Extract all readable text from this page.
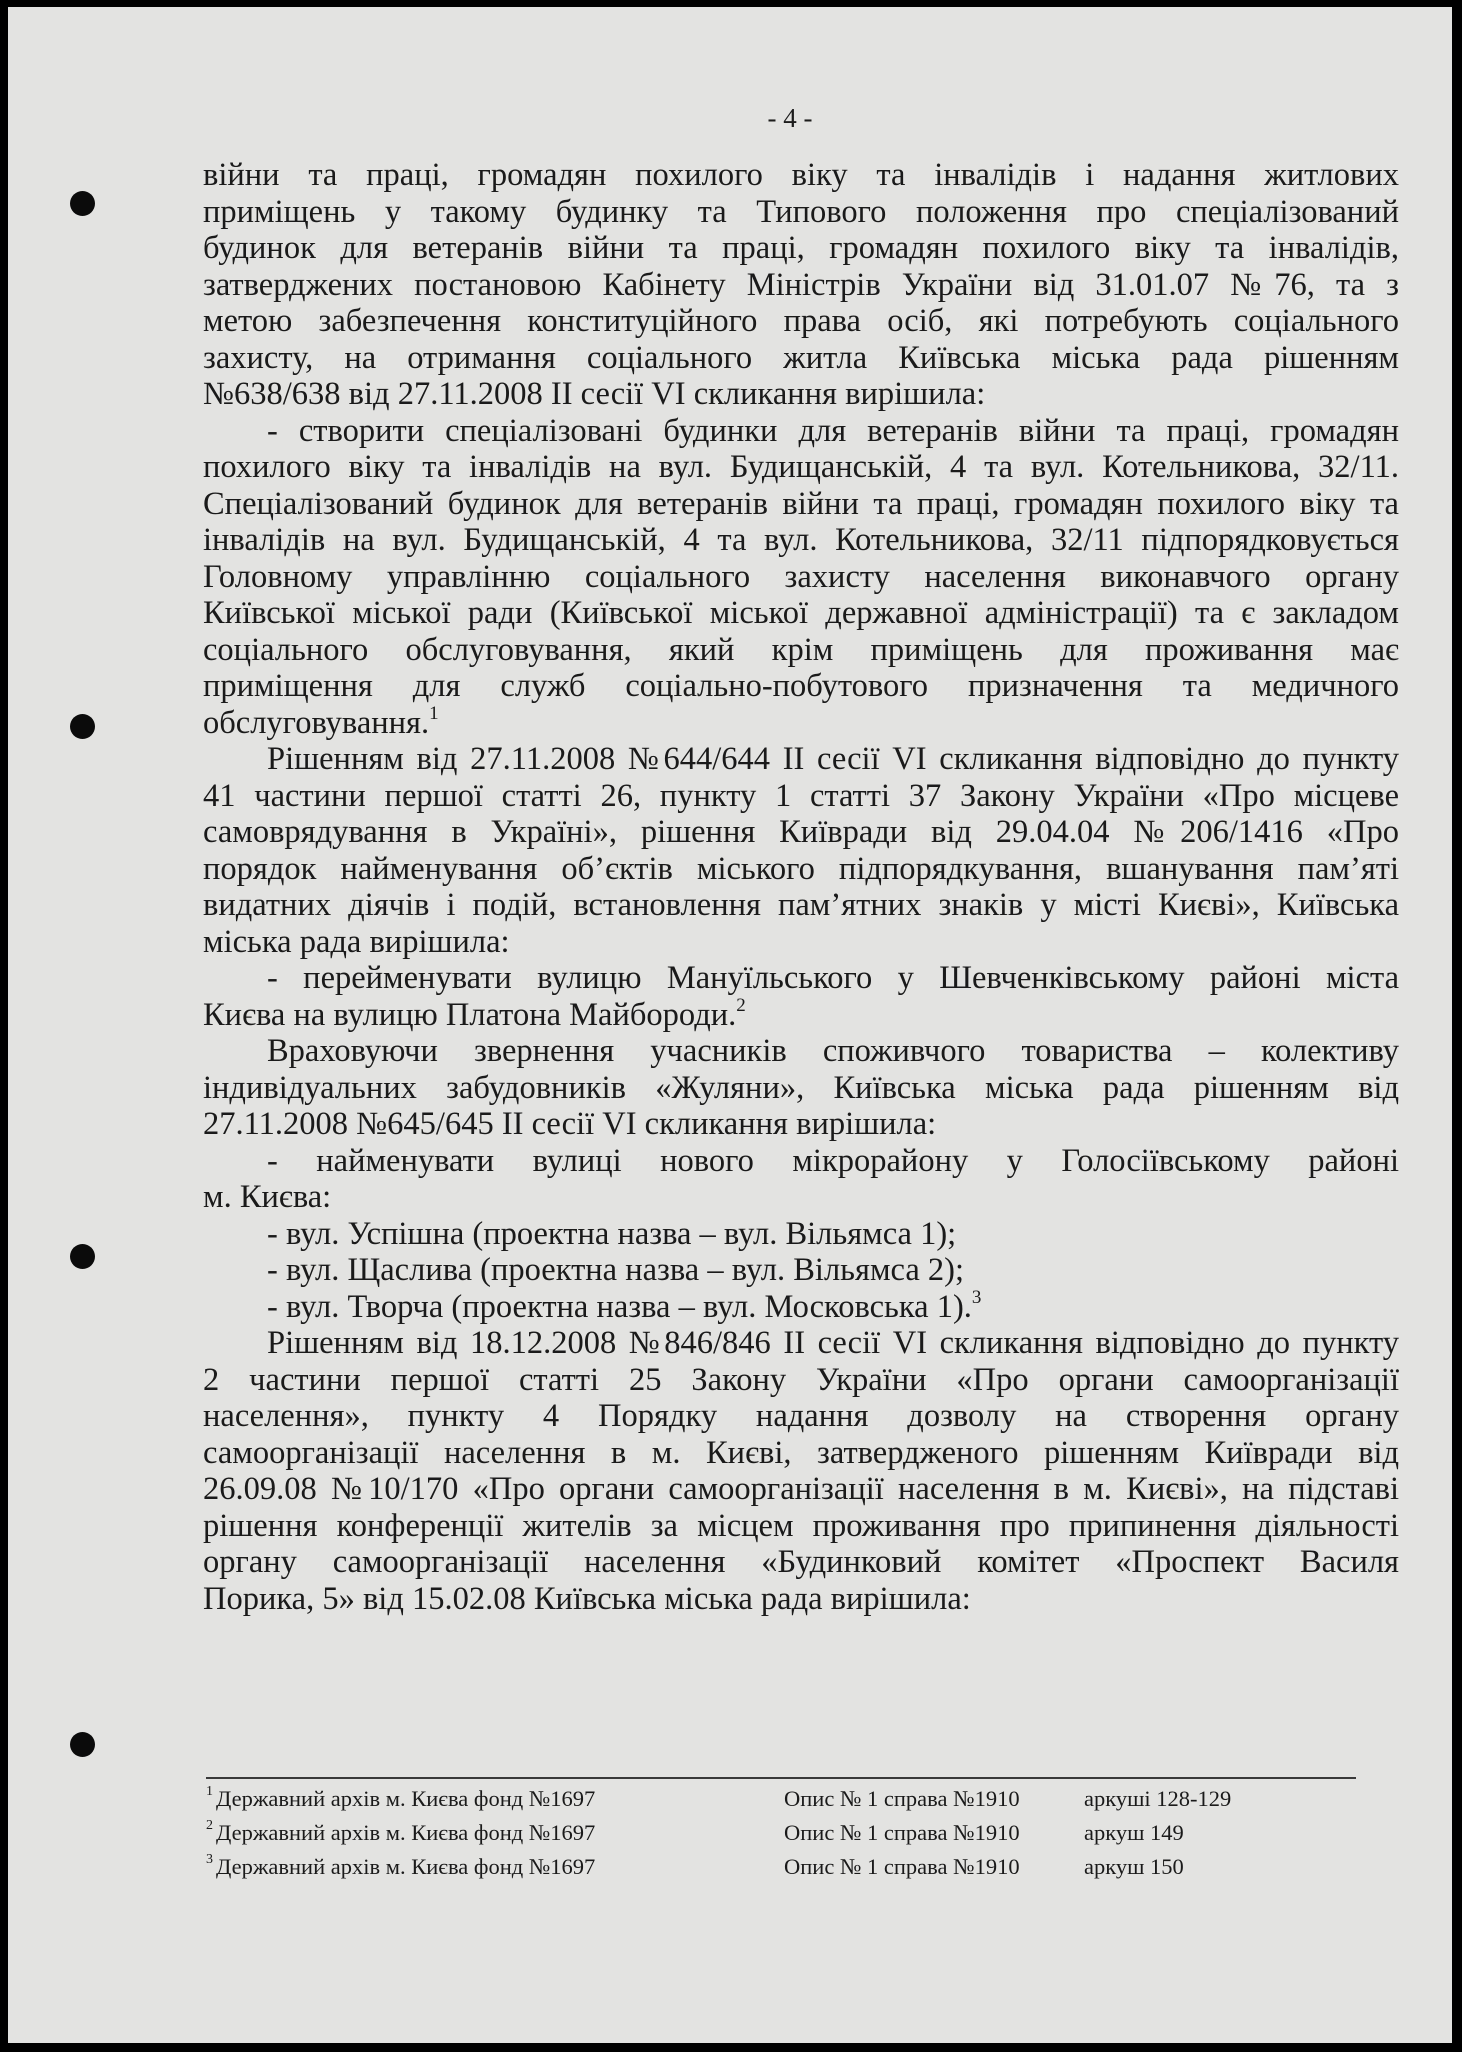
- 4 -

війни та праці, громадян похилого віку та інвалідів і надання житлових
приміщень у такому будинку та Типового положення про спеціалізований
будинок для ветеранів війни та праці, громадян похилого віку та інвалідів,
затверджених постановою Кабінету Міністрів України від 31.01.07 №76, та з
метою забезпечення конституційного права осіб, які потребують соціального
захисту, на отримання соціального житла Київська міська рада рішенням
№638/638 від 27.11.2008 II сесії VI скликання вирішила:

- створити спеціалізовані будинки для ветеранів війни та праці, громадян
похилого віку та інвалідів на вул. Будищанській, 4 та вул. Котельникова, 32/11.
Спеціалізований будинок для ветеранів війни та праці, громадян похилого віку та
інвалідів на вул. Будищанській, 4 та вул. Котельникова, 32/11 підпорядковується
Головному управлінню соціального захисту населення виконавчого органу
Київської міської ради (Київської міської державної адміністрації) та є закладом
соціального обслуговування, який крім приміщень для проживання має
приміщення для служб соціально-побутового призначення та медичного
обслуговування.$^1$

Рішенням від 27.11.2008 №644/644 II сесії VI скликання відповідно до пункту
41 частини першої статті 26, пункту 1 статті 37 Закону України «Про місцеве
самоврядування в Україні», рішення Київради від 29.04.04 №206/1416 «Про
порядок найменування об’єктів міського підпорядкування, вшанування пам’яті
видатних діячів і подій, встановлення пам’ятних знаків у місті Києві», Київська
міська рада вирішила:

- перейменувати вулицю Мануїльського у Шевченківському районі міста
Києва на вулицю Платона Майбороди.$^2$

Враховуючи звернення учасників споживчого товариства – колективу
індивідуальних забудовників «Жуляни», Київська міська рада рішенням від
27.11.2008 №645/645 II сесії VI скликання вирішила:

- найменувати вулиці нового мікрорайону у Голосіївському районі
м. Києва:

- вул. Успішна (проектна назва – вул. Вільямса 1);

- вул. Щаслива (проектна назва – вул. Вільямса 2);

- вул. Творча (проектна назва – вул. Московська 1).$^3$

Рішенням від 18.12.2008 №846/846 II сесії VI скликання відповідно до пункту
2 частини першої статті 25 Закону України «Про органи самоорганізації
населення», пункту 4 Порядку надання дозволу на створення органу
самоорганізації населення в м. Києві, затвердженого рішенням Київради від
26.09.08 №10/170 «Про органи самоорганізації населення в м. Києві», на підставі
рішення конференції жителів за місцем проживання про припинення діяльності
органу самоорганізації населення «Будинковий комітет «Проспект Василя
Порика, 5» від 15.02.08 Київська міська рада вирішила:

1 Державний архів м. Києва фонд №1697	Опис № 1 справа №1910	аркуші 128-129
2 Державний архів м. Києва фонд №1697	Опис № 1 справа №1910	аркуш 149
3 Державний архів м. Києва фонд №1697	Опис № 1 справа №1910	аркуш 150
